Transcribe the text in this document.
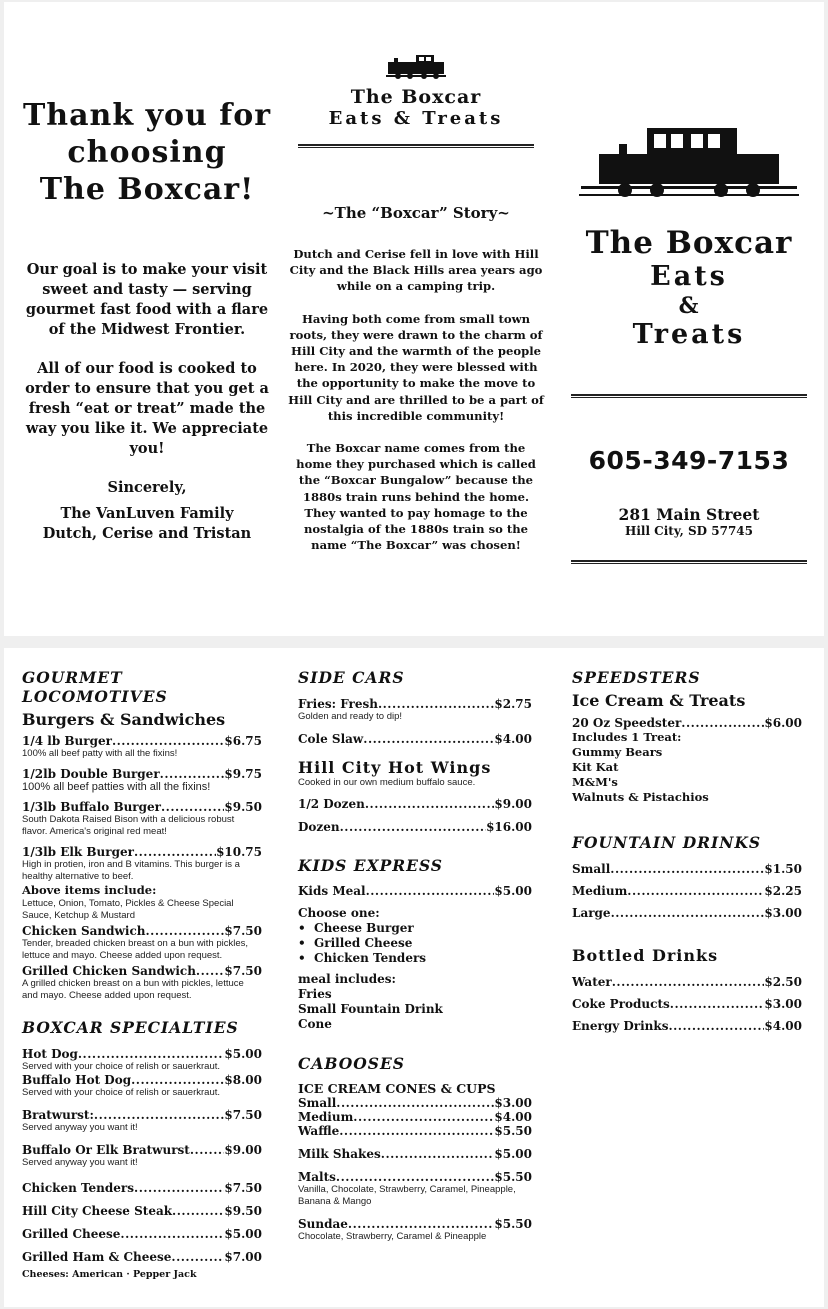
Thank you for
choosing
The Boxcar!

Our goal is to make your visit sweet and tasty — serving gourmet fast food with a flare of the Midwest Frontier.

All of our food is cooked to order to ensure that you get a fresh “eat or treat” made the way you like it. We appreciate you!

Sincerely,

The VanLuven Family

Dutch, Cerise and Tristan

The Boxcar
Eats & Treats
~The “Boxcar” Story~

Dutch and Cerise fell in love with Hill City and the Black Hills area years ago while on a camping trip.

Having both come from small town roots, they were drawn to the charm of Hill City and the warmth of the people here. In 2020, they were blessed with the opportunity to make the move to Hill City and are thrilled to be a part of this incredible community!

The Boxcar name comes from the home they purchased which is called the “Boxcar Bungalow” because the 1880s train runs behind the home. They wanted to pay homage to the nostalgia of the 1880s train so the name “The Boxcar” was chosen!

The Boxcar
Eats
&
Treats
605-349-7153
281 Main Street
Hill City, SD 57745
GOURMET LOCOMOTIVES
Burgers & Sandwiches
1/4 lb Burger .....	$6.75
100% all beef patty with all the fixins!
1/2lb Double Burger .....	$9.75
100% all beef patties with all the fixins!
1/3lb Buffalo Burger .....	$9.50
South Dakota Raised Bison with a delicious robust flavor. America's original red meat!
1/3lb Elk Burger .....	$10.75
High in protien, iron and B vitamins. This burger is a healthy alternative to beef.
Above items include:
Lettuce, Onion, Tomato, Pickles & Cheese Special Sauce, Ketchup & Mustard
Chicken Sandwich .....	$7.50
Tender, breaded chicken breast on a bun with pickles, lettuce and mayo. Cheese added upon request.
Grilled Chicken Sandwich ..... $7.50
A grilled chicken breast on a bun with pickles, lettuce and mayo. Cheese added upon request.
BOXCAR SPECIALTIES
Hot Dog .....	$5.00
Served with your choice of relish or sauerkraut.
Buffalo Hot Dog .....	$8.00
Served with your choice of relish or sauerkraut.
Bratwurst: .....	$7.50
Served anyway you want it!
Buffalo Or Elk Bratwurst .....	$9.00
Served anyway you want it!
Chicken Tenders .....	$7.50
Hill City Cheese Steak .....	$9.50
Grilled Cheese .....	$5.00
Grilled Ham & Cheese .....	$7.00
Cheeses: American · Pepper Jack
SIDE CARS
Fries: Fresh .....	$2.75
Golden and ready to dip!
Cole Slaw .....	$4.00
Hill City Hot Wings
Cooked in our own medium buffalo sauce.
1/2 Dozen .....	$9.00
Dozen .....	$16.00
KIDS EXPRESS
Kids Meal .....	$5.00
Choose one:
•  Cheese Burger
•  Grilled Cheese
•  Chicken Tenders
meal includes:
Fries
Small Fountain Drink
Cone
CABOOSES
ICE CREAM CONES & CUPS
Small .....	$3.00
Medium .....	$4.00
Waffle .....	$5.50
Milk Shakes .....	$5.00
Malts .....	$5.50
Vanilla, Chocolate, Strawberry, Caramel, Pineapple, Banana & Mango
Sundae .....	$5.50
Chocolate, Strawberry, Caramel & Pineapple
SPEEDSTERS
Ice Cream & Treats
20 Oz Speedster .....	$6.00
Includes 1 Treat:
Gummy Bears
Kit Kat
M&M's
Walnuts & Pistachios
FOUNTAIN DRINKS
Small .....	$1.50
Medium .....	$2.25
Large .....	$3.00
Bottled Drinks
Water .....	$2.50
Coke Products .....	$3.00
Energy Drinks .....	$4.00
